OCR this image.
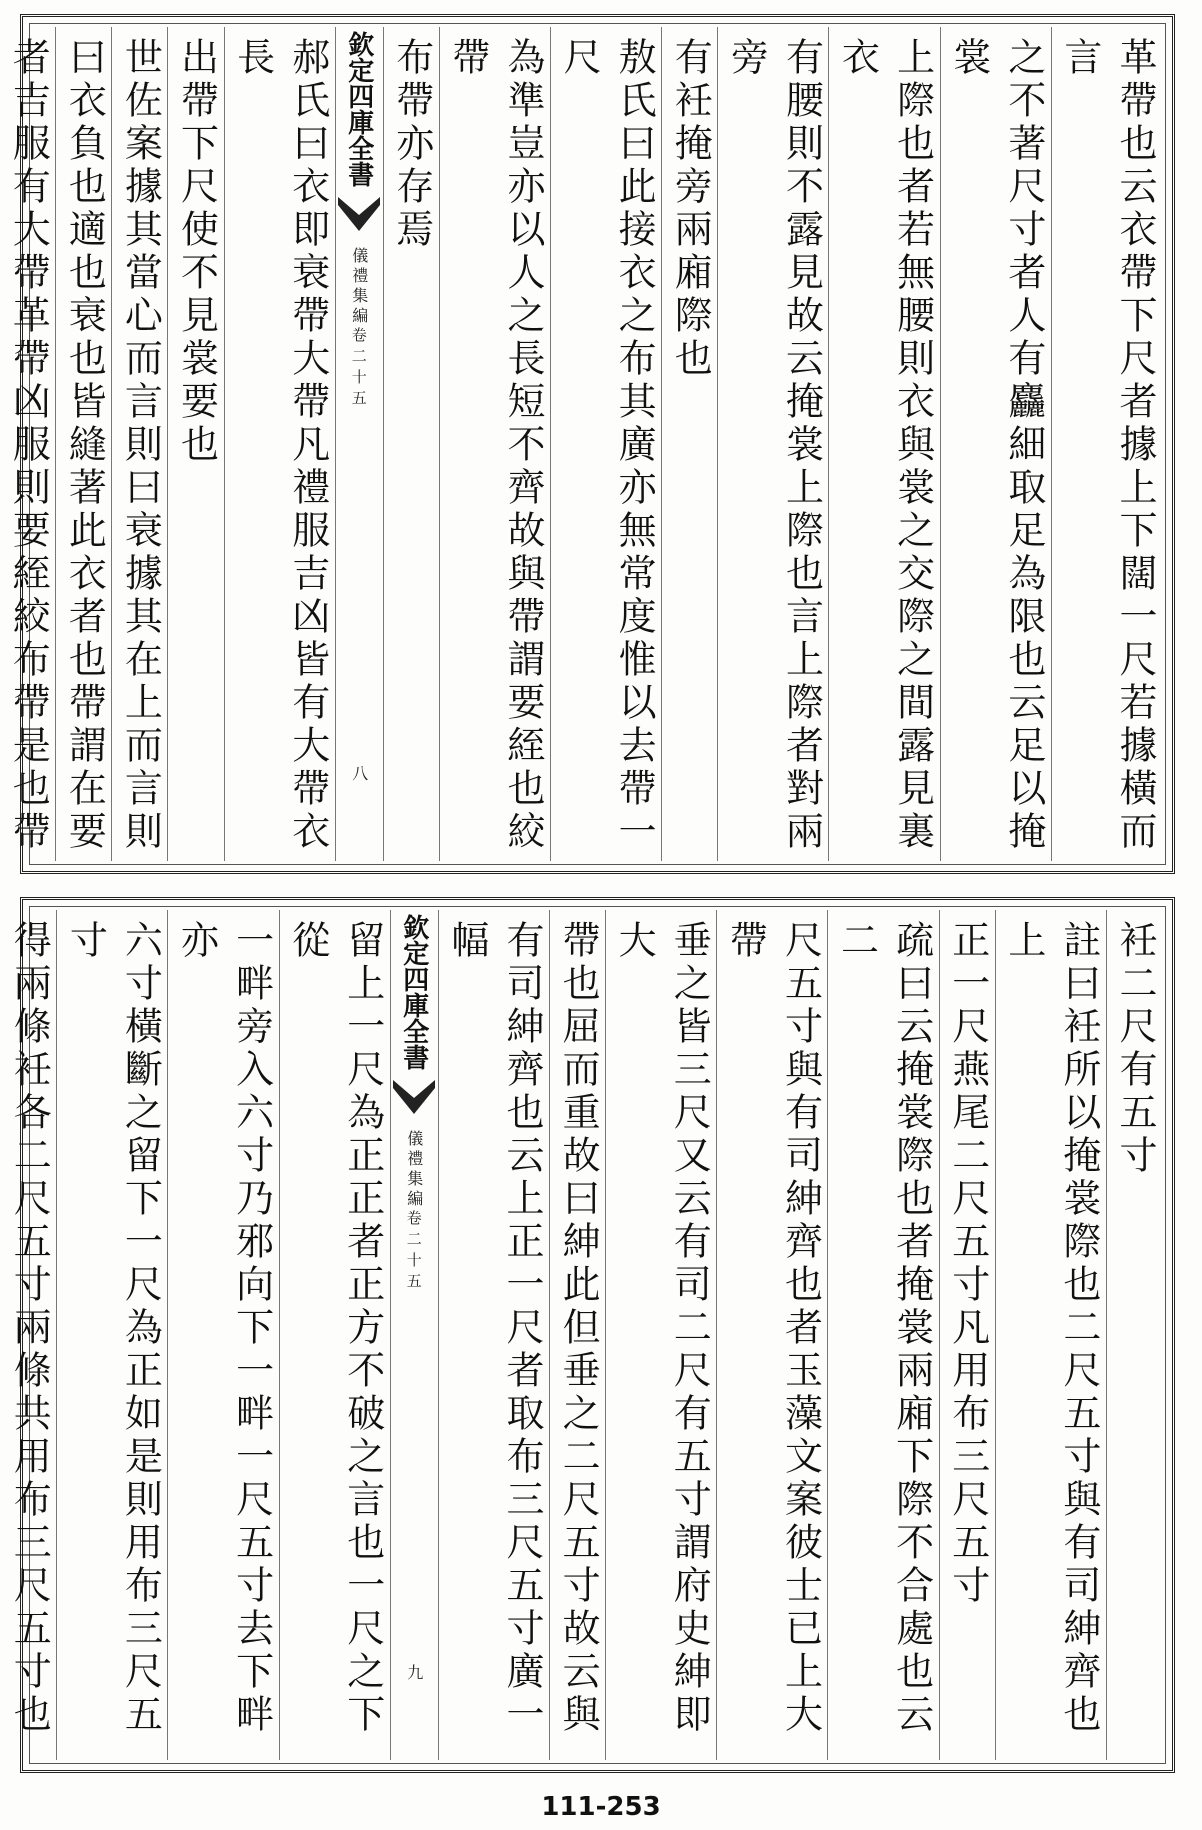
革帶也云衣帶下尺者據上下闊一尺若據橫而言
之不著尺寸者人有麤細取足為限也云足以掩裳
上際也者若無腰則衣與裳之交際之間露見裏衣
有腰則不露見故云掩裳上際也言上際者對兩旁
有衽掩旁兩廂際也
敖氏曰此接衣之布其廣亦無常度惟以去帶一尺
為準豈亦以人之長短不齊故與帶謂要絰也絞帶
布帶亦存焉
欽定四庫全書
儀禮集編
卷二十五
八
郝氏曰衣即衰帶大帶凡禮服吉凶皆有大帶衣長
出帶下尺使不見裳要也
世佐案據其當心而言則曰衰據其在上而言則
曰衣負也適也衰也皆縫著此衣者也帶謂在要
者吉服有大帶革帶凶服則要絰絞布帶是也帶
衽二尺有五寸
註曰衽所以掩裳際也二尺五寸與有司紳齊也上
正一尺燕尾二尺五寸凡用布三尺五寸
疏曰云掩裳際也者掩裳兩廂下際不合處也云二
尺五寸與有司紳齊也者玉藻文案彼士已上大帶
垂之皆三尺又云有司二尺有五寸謂府史紳即大
帶也屈而重故曰紳此但垂之二尺五寸故云與
有司紳齊也云上正一尺者取布三尺五寸廣一幅
欽定四庫全書
儀禮集編
卷二十五
九
留上一尺為正正者正方不破之言也一尺之下從
一畔旁入六寸乃邪向下一畔一尺五寸去下畔亦
六寸橫斷之留下一尺為正如是則用布三尺五寸
得兩條衽各二尺五寸兩條共用布三尺五寸也
111-253
